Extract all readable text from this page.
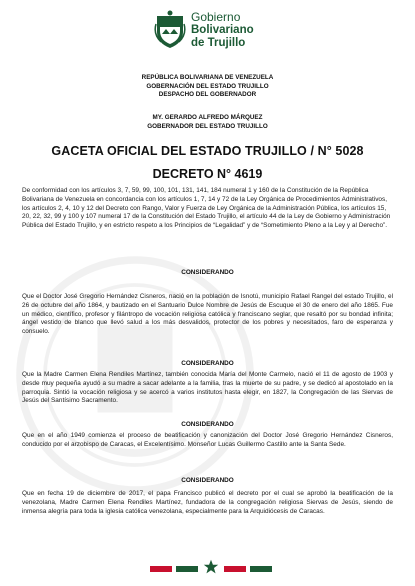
Gobierno
Bolivariano
de Trujillo
REPÚBLICA BOLIVARIANA DE VENEZUELA
GOBERNACIÓN DEL ESTADO TRUJILLO
DESPACHO DEL GOBERNADOR
MY. GERARDO ALFREDO MÁRQUEZ
GOBERNADOR DEL ESTADO TRUJILLO
GACETA OFICIAL DEL ESTADO TRUJILLO / N° 5028
DECRETO N° 4619
De conformidad con los artículos 3, 7, 59, 99, 100, 101, 131, 141, 184 numeral 1 y 160 de la Constitución de la República Bolivariana de Venezuela en concordancia con los artículos 1, 7, 14 y 72 de la Ley Orgánica de Procedimientos Administrativos, los artículos 2, 4, 10 y 12 del Decreto con Rango, Valor y Fuerza de Ley Orgánica de la Administración Pública, los artículos 15, 20, 22, 32, 99 y 100 y 107 numeral 17 de la Constitución del Estado Trujillo, el artículo 44 de la Ley de Gobierno y Administración Pública del Estado Trujillo, y en estricto respeto a los Principios de “Legalidad” y de “Sometimiento Pleno a la Ley y al Derecho”.
CONSIDERANDO
Que el Doctor José Gregorio Hernández Cisneros, nació en la población de Isnotú, municipio Rafael Rangel del estado Trujillo, el 26 de octubre del año 1864, y bautizado en el Santuario Dulce Nombre de Jesús de Escuque el 30 de enero del año 1865. Fue un médico, científico, profesor y filántropo de vocación religiosa católica y franciscano seglar, que resaltó por su bondad infinita; ángel vestido de blanco que llevó salud a los más desvalidos, protector de los pobres y necesitados, faro de esperanza y consuelo.
CONSIDERANDO
Que la Madre Carmen Elena Rendiles Martínez, también conocida María del Monte Carmelo, nació el 11 de agosto de 1903 y desde muy pequeña ayudó a su madre a sacar adelante a la familia, tras la muerte de su padre, y se dedicó al apostolado en la parroquia. Sintió la vocación religiosa y se acercó a varios institutos hasta elegir, en 1827, la Congregación de las Siervas de Jesús del Santísimo Sacramento.
CONSIDERANDO
Que en el año 1949 comienza el proceso de beatificación y canonización del Doctor José Gregorio Hernández Cisneros, conducido por el arzobispo de Caracas, el Excelentísimo. Monseñor Lucas Guillermo Castillo ante la Santa Sede.
CONSIDERANDO
Que en fecha 19 de diciembre de 2017, el papa Francisco publicó el decreto por el cual se aprobó la beatificación de la venezolana, Madre Carmen Elena Rendiles Martínez, fundadora de la congregación religiosa Siervas de Jesús, siendo de inmensa alegría para toda la iglesia católica venezolana, especialmente para la Arquidiócesis de Caracas.
